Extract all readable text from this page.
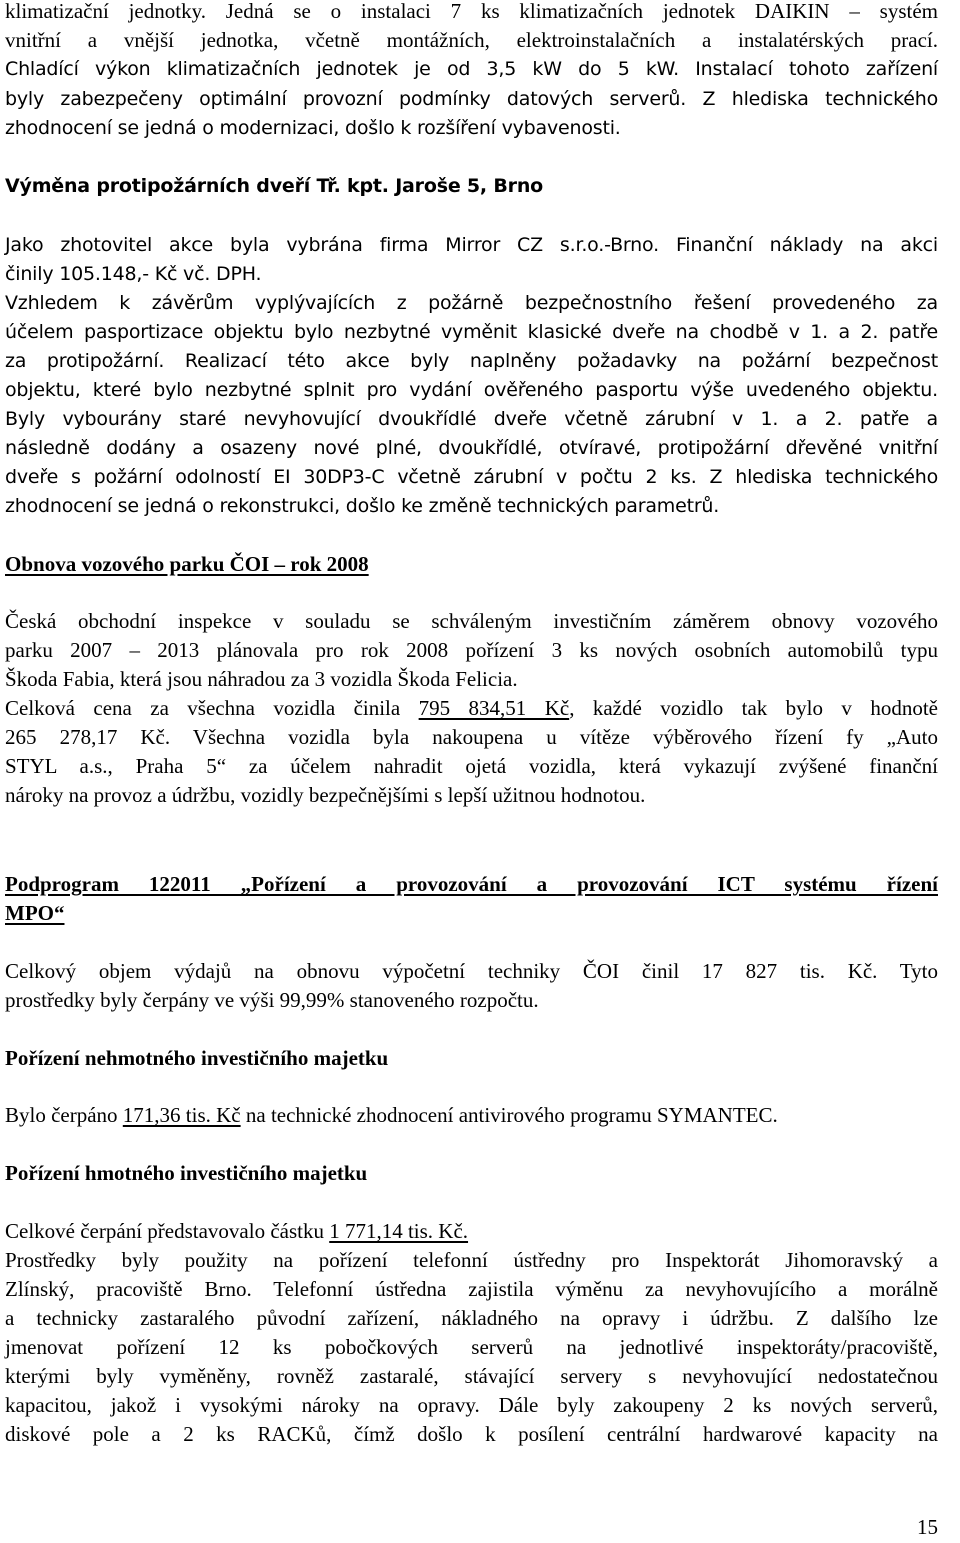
klimatizační jednotky. Jedná se o instalaci 7 ks klimatizačních jednotek DAIKIN – systém
vnitřní a vnější jednotka, včetně montážních, elektroinstalačních a instalatérských prací.
Chladící výkon klimatizačních jednotek je od 3,5 kW do 5 kW. Instalací tohoto zařízení
byly zabezpečeny optimální provozní podmínky datových serverů. Z hlediska technického
zhodnocení se jedná o modernizaci, došlo k rozšíření vybavenosti.
Výměna protipožárních dveří Tř. kpt. Jaroše 5, Brno
Jako zhotovitel akce byla vybrána firma Mirror CZ s.r.o.-Brno. Finanční náklady na akci
činily 105.148,- Kč vč. DPH.
Vzhledem k závěrům vyplývajících z požárně bezpečnostního řešení provedeného za
účelem pasportizace objektu bylo nezbytné vyměnit klasické dveře na chodbě v 1. a 2. patře
za protipožární. Realizací této akce byly naplněny požadavky na požární bezpečnost
objektu, které bylo nezbytné splnit pro vydání ověřeného pasportu výše uvedeného objektu.
Byly vybourány staré nevyhovující dvoukřídlé dveře včetně zárubní v 1. a 2. patře a
následně dodány a osazeny nové plné, dvoukřídlé, otvíravé, protipožární dřevěné vnitřní
dveře s požární odolností EI 30DP3-C včetně zárubní v počtu 2 ks. Z hlediska technického
zhodnocení se jedná o rekonstrukci, došlo ke změně technických parametrů.
Obnova vozového parku ČOI – rok 2008
Česká obchodní inspekce v souladu se schváleným investičním záměrem obnovy vozového
parku 2007 – 2013 plánovala pro rok 2008 pořízení 3 ks nových osobních automobilů typu
Škoda Fabia, která jsou náhradou za 3 vozidla Škoda Felicia.
Celková cena za všechna vozidla činila 795 834,51 Kč, každé vozidlo tak bylo v hodnotě
265 278,17 Kč. Všechna vozidla byla nakoupena u vítěze výběrového řízení fy „Auto
STYL a.s., Praha 5“ za účelem nahradit ojetá vozidla, která vykazují zvýšené finanční
nároky na provoz a údržbu, vozidly bezpečnějšími s lepší užitnou hodnotou.
Podprogram 122011 „Pořízení a provozování a provozování ICT systému řízení
MPO“
Celkový objem výdajů na obnovu výpočetní techniky ČOI činil 17 827 tis. Kč. Tyto
prostředky byly čerpány ve výši 99,99% stanoveného rozpočtu.
Pořízení nehmotného investičního majetku
Bylo čerpáno 171,36 tis. Kč na technické zhodnocení antivirového programu SYMANTEC.
Pořízení hmotného investičního majetku
Celkové čerpání představovalo částku 1 771,14 tis. Kč.
Prostředky byly použity na pořízení telefonní ústředny pro Inspektorát Jihomoravský a
Zlínský, pracoviště Brno. Telefonní ústředna zajistila výměnu za nevyhovujícího a morálně
a technicky zastaralého původní zařízení, nákladného na opravy i údržbu. Z dalšího lze
jmenovat pořízení 12 ks pobočkových serverů na jednotlivé inspektoráty/pracoviště,
kterými byly vyměněny, rovněž zastaralé, stávající servery s nevyhovující nedostatečnou
kapacitou, jakož i vysokými nároky na opravy. Dále byly zakoupeny 2 ks nových serverů,
diskové pole a 2 ks RACKů, čímž došlo k posílení centrální hardwarové kapacity na
15
